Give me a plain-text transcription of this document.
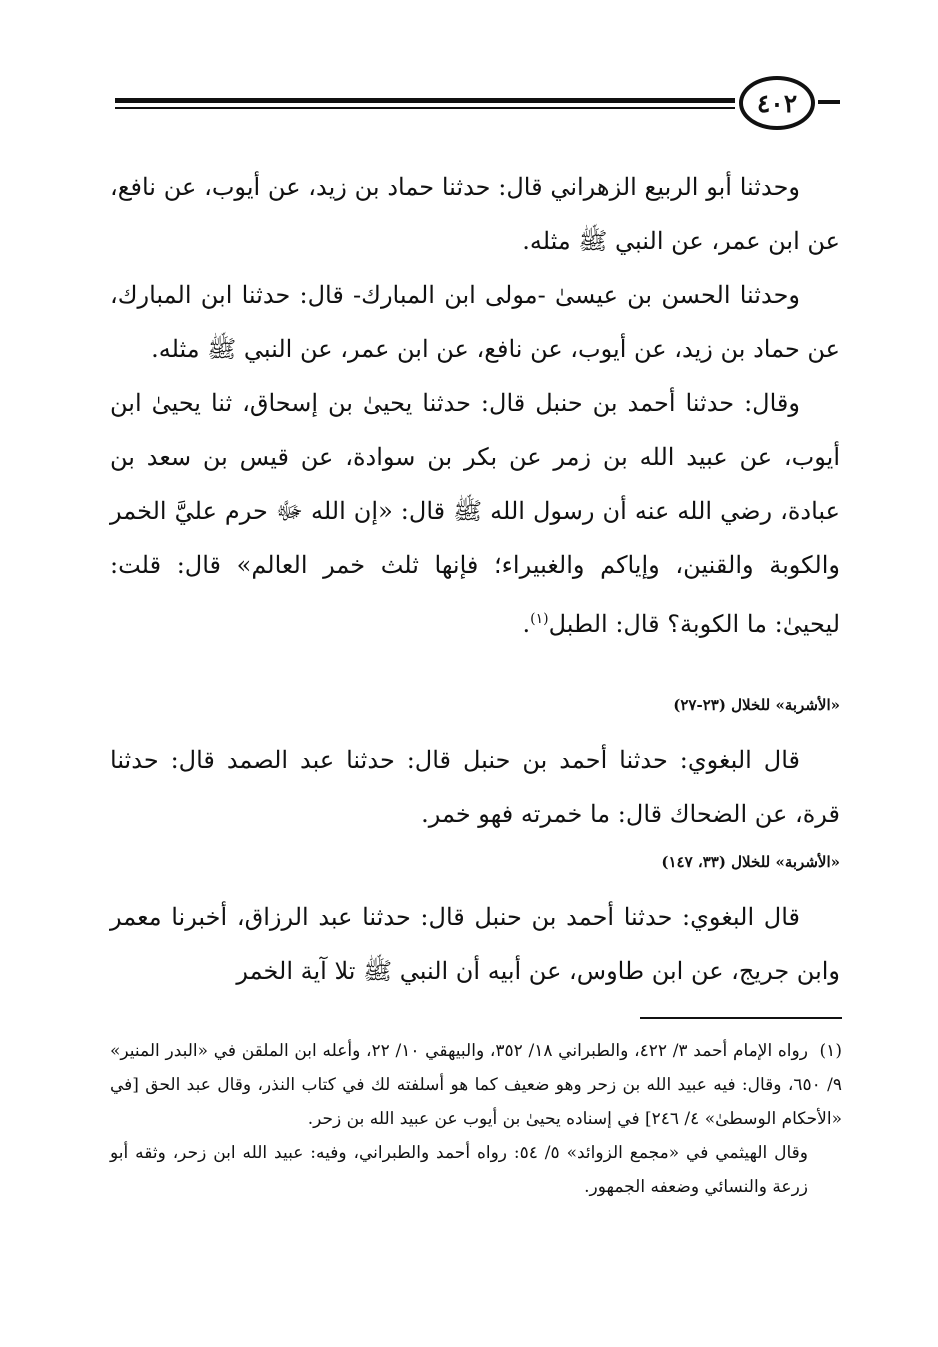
٤٠٢

وحدثنا أبو الربيع الزهراني قال: حدثنا حماد بن زيد، عن أيوب، عن نافع، عن ابن عمر، عن النبي ﷺ مثله.

وحدثنا الحسن بن عيسىٰ -مولى ابن المبارك- قال: حدثنا ابن المبارك، عن حماد بن زيد، عن أيوب، عن نافع، عن ابن عمر، عن النبي ﷺ مثله.

وقال: حدثنا أحمد بن حنبل قال: حدثنا يحيىٰ بن إسحاق، ثنا يحيىٰ ابن أيوب، عن عبيد الله بن زمر عن بكر بن سوادة، عن قيس بن سعد بن عبادة، رضي الله عنه أن رسول الله ﷺ قال: «إن الله ﷻ حرم عليَّ الخمر والكوبة والقنين، وإياكم والغبيراء؛ فإنها ثلث خمر العالم» قال: قلت: ليحيىٰ: ما الكوبة؟ قال: الطبل$^{(١)}$.

«الأشربة» للخلال (٢٣-٢٧)

قال البغوي: حدثنا أحمد بن حنبل قال: حدثنا عبد الصمد قال: حدثنا قرة، عن الضحاك قال: ما خمرته فهو خمر.

«الأشربة» للخلال (٣٣، ١٤٧)

قال البغوي: حدثنا أحمد بن حنبل قال: حدثنا عبد الرزاق، أخبرنا معمر وابن جريج، عن ابن طاوس، عن أبيه أن النبي ﷺ تلا آية الخمر

(١)رواه الإمام أحمد ٣/ ٤٢٢، والطبراني ١٨/ ٣٥٢، والبيهقي ١٠/ ٢٢، وأعله ابن الملقن في «البدر المنير» ٩/ ٦٥٠، وقال: فيه عبيد الله بن زحر وهو ضعيف كما هو أسلفته لك في كتاب النذر، وقال عبد الحق [في «الأحكام الوسطىٰ» ٤/ ٢٤٦] في إسناده يحيىٰ بن أيوب عن عبيد الله بن زحر.

وقال الهيثمي في «مجمع الزوائد» ٥/ ٥٤: رواه أحمد والطبراني، وفيه: عبيد الله ابن زحر، وثقه أبو زرعة والنسائي وضعفه الجمهور.
